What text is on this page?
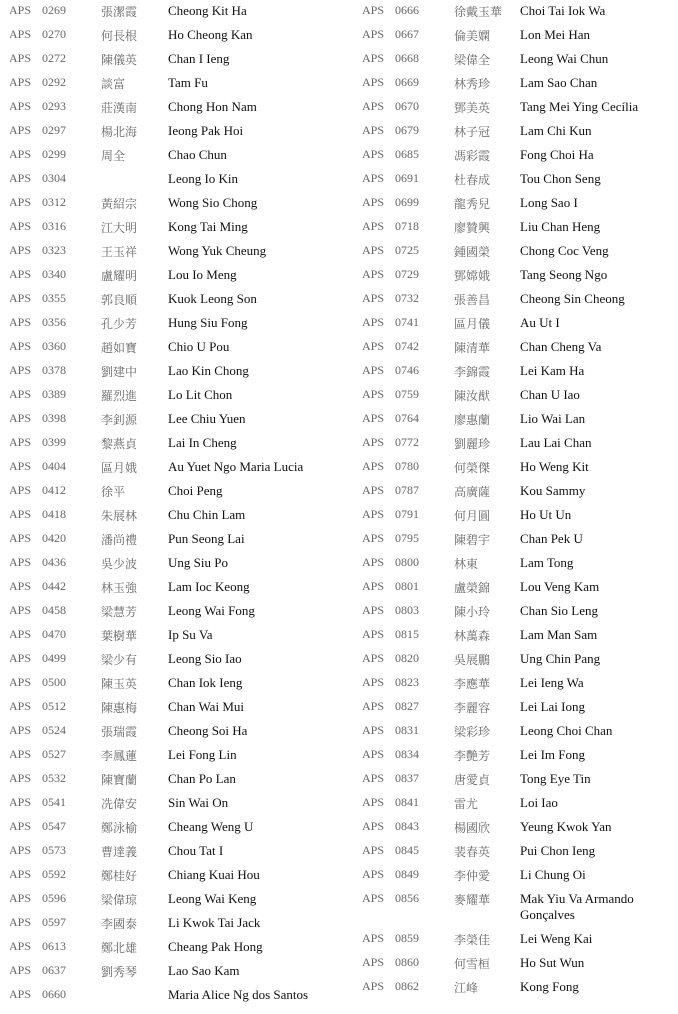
APS 0269	張潔霞 Cheong Kit Ha
APS 0270	何長根 Ho Cheong Kan
APS 0272	陳儀英 Chan I Ieng
APS 0292	談富	Tam Fu
APS 0293	莊漢南 Chong Hon Nam
APS 0297	楊北海 Ieong Pak Hoi
APS 0299	周全	Chao Chun
APS 0304	Leong Io Kin
APS 0312	黃紹宗 Wong Sio Chong
APS 0316	江大明 Kong Tai Ming
APS 0323	王玉祥 Wong Yuk Cheung
APS 0340	盧耀明 Lou Io Meng
APS 0355	郭良順 Kuok Leong Son
APS 0356	孔少芳 Hung Siu Fong
APS 0360	趙如寶 Chio U Pou
APS 0378	劉建中 Lao Kin Chong
APS 0389	羅烈進 Lo Lit Chon
APS 0398	李釗源 Lee Chiu Yuen
APS 0399	黎燕貞 Lai In Cheng
APS 0404	區月娥 Au Yuet Ngo Maria Lucia
APS 0412	徐平	Choi Peng
APS 0418	朱展林 Chu Chin Lam
APS 0420	潘尚禮 Pun Seong Lai
APS 0436	吳少波 Ung Siu Po
APS 0442	林玉強 Lam Ioc Keong
APS 0458	梁慧芳 Leong Wai Fong
APS 0470	葉樹華 Ip Su Va
APS 0499	梁少有 Leong Sio Iao
APS 0500	陳玉英 Chan Iok Ieng
APS 0512	陳惠梅 Chan Wai Mui
APS 0524	張瑞霞 Cheong Soi Ha
APS 0527	李鳳蓮 Lei Fong Lin
APS 0532	陳寶蘭 Chan Po Lan
APS 0541	冼偉安 Sin Wai On
APS 0547	鄭泳榆 Cheang Weng U
APS 0573	曹達義 Chou Tat I
APS 0592	鄭桂好 Chiang Kuai Hou
APS 0596	梁偉琼 Leong Wai Keng
APS 0597	李國泰 Li Kwok Tai Jack
APS 0613	鄭北雄 Cheang Pak Hong
APS 0637	劉秀琴 Lao Sao Kam
APS 0660	Maria Alice Ng dos Santos
APS 0666	徐戴玉華 Choi Tai Iok Wa
APS 0667	倫美嫻 Lon Mei Han
APS 0668	梁偉全 Leong Wai Chun
APS 0669	林秀珍 Lam Sao Chan
APS 0670	鄧美英 Tang Mei Ying Cecília
APS 0679	林子冠 Lam Chi Kun
APS 0685	馮彩霞 Fong Choi Ha
APS 0691	杜春成 Tou Chon Seng
APS 0699	龍秀兒 Long Sao I
APS 0718	廖贊興 Liu Chan Heng
APS 0725	鍾國榮 Chong Coc Veng
APS 0729	鄧嫦娥 Tang Seong Ngo
APS 0732	張善昌 Cheong Sin Cheong
APS 0741	區月儀 Au Ut I
APS 0742	陳清華 Chan Cheng Va
APS 0746	李錦霞 Lei Kam Ha
APS 0759	陳汝猷 Chan U Iao
APS 0764	廖惠蘭 Lio Wai Lan
APS 0772	劉麗珍 Lau Lai Chan
APS 0780	何榮傑 Ho Weng Kit
APS 0787	高廣薩 Kou Sammy
APS 0791	何月圓 Ho Ut Un
APS 0795	陳碧宇 Chan Pek U
APS 0800	林東	Lam Tong
APS 0801	盧榮錦 Lou Veng Kam
APS 0803	陳小玲 Chan Sio Leng
APS 0815	林萬森 Lam Man Sam
APS 0820	吳展鵬 Ung Chin Pang
APS 0823	李應華 Lei Ieng Wa
APS 0827	李麗容 Lei Lai Iong
APS 0831	梁彩珍 Leong Choi Chan
APS 0834	李艷芳 Lei Im Fong
APS 0837	唐愛貞 Tong Eye Tin
APS 0841	雷尤	Loi Iao
APS 0843	楊國欣 Yeung Kwok Yan
APS 0845	裴春英 Pui Chon Ieng
APS 0849	李仲愛 Li Chung Oi
APS 0856	麥耀華 Mak Yiu Va Armando Gonçalves
APS 0859	李榮佳 Lei Weng Kai
APS 0860	何雪桓 Ho Sut Wun
APS 0862	江峰	Kong Fong
